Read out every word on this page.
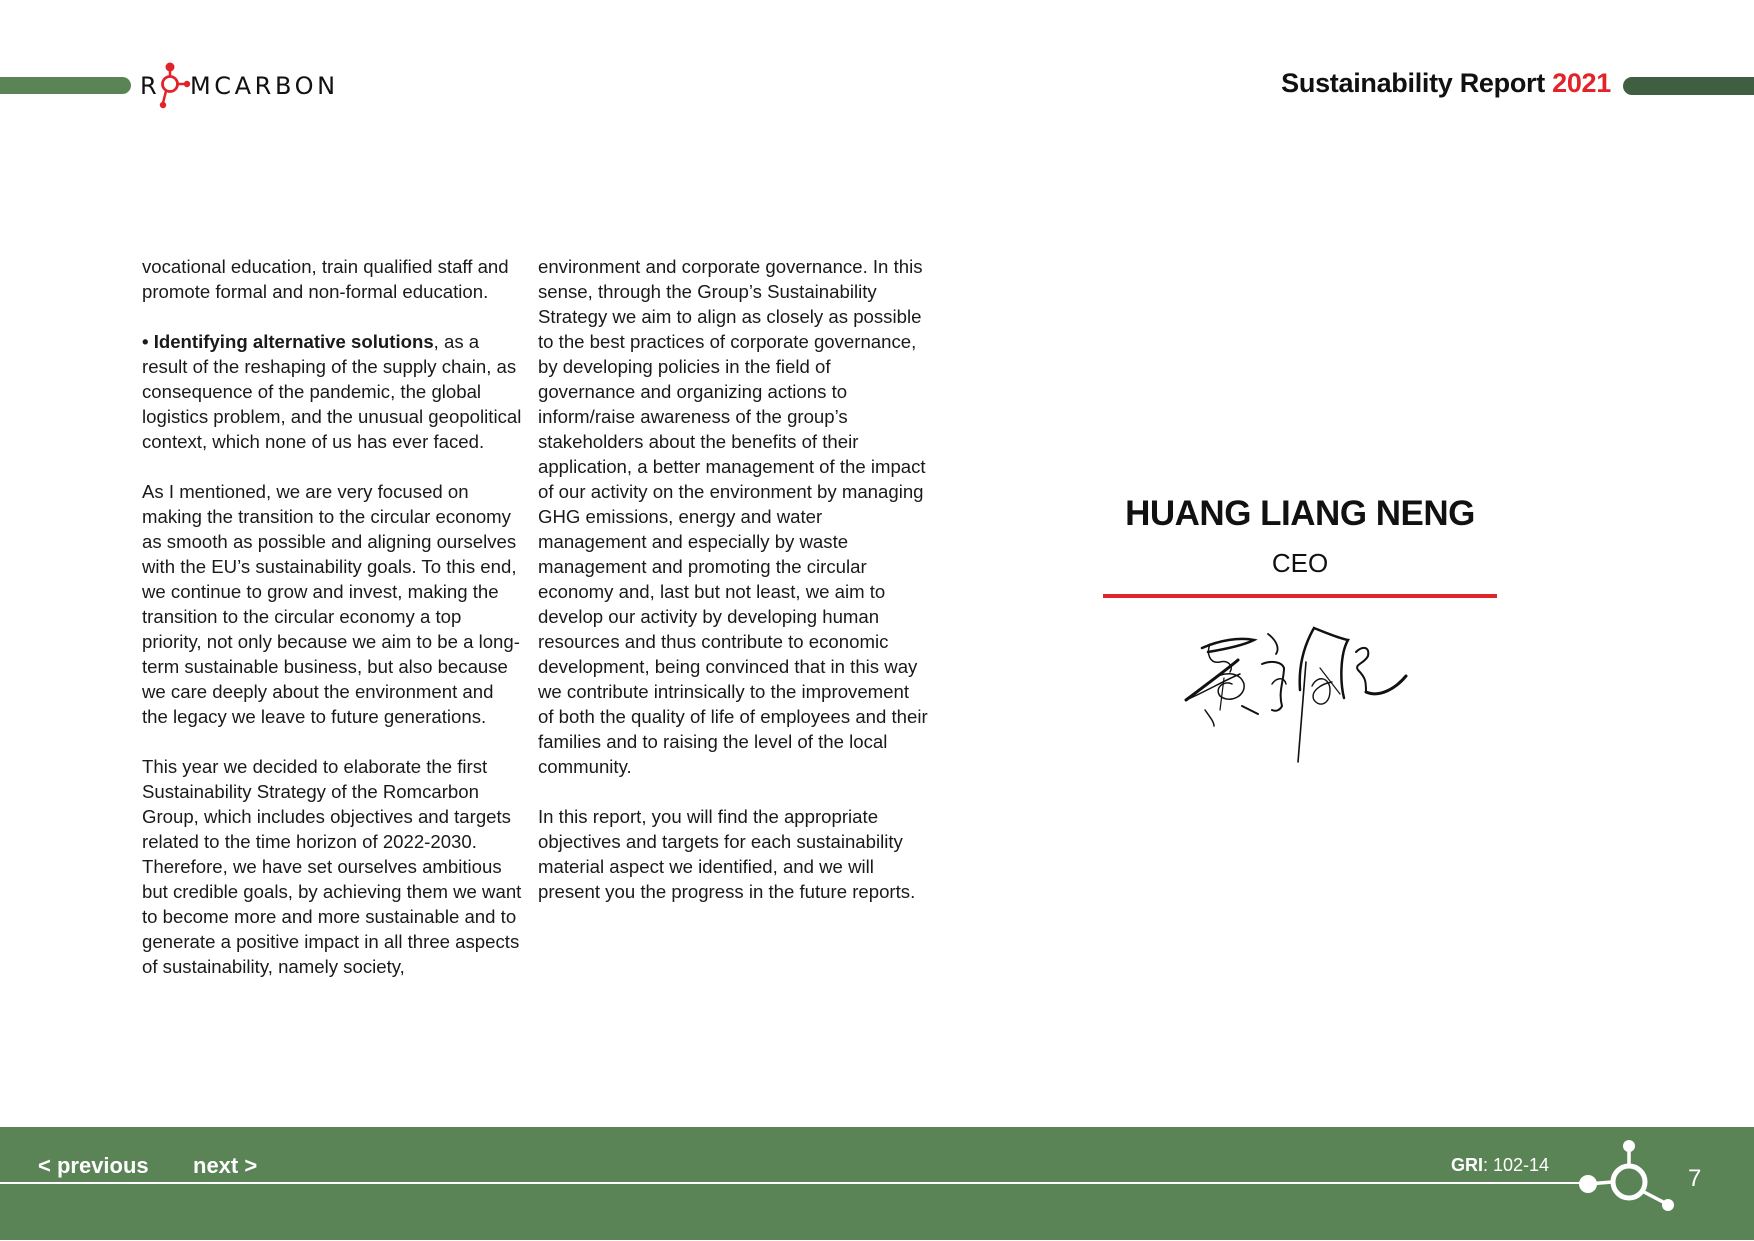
R MCARBON	Sustainability Report 2021

vocational education, train qualified staff and promote formal and non-formal education.

• Identifying alternative solutions, as a result of the reshaping of the supply chain, as consequence of the pandemic, the global logistics problem, and the unusual geopolitical context, which none of us has ever faced.

As I mentioned, we are very focused on making the transition to the circular economy as smooth as possible and aligning ourselves with the EU’s sustainability goals. To this end, we continue to grow and invest, making the transition to the circular economy a top priority, not only because we aim to be a long-term sustainable business, but also because we care deeply about the environment and the legacy we leave to future generations.

This year we decided to elaborate the first Sustainability Strategy of the Romcarbon Group, which includes objectives and targets related to the time horizon of 2022-2030. Therefore, we have set ourselves ambitious but credible goals, by achieving them we want to become more and more sustainable and to generate a positive impact in all three aspects of sustainability, namely society,

environment and corporate governance. In this sense, through the Group’s Sustainability Strategy we aim to align as closely as possible to the best practices of corporate governance, by developing policies in the field of governance and organizing actions to inform/raise awareness of the group’s stakeholders about the benefits of their application, a better management of the impact of our activity on the environment by managing GHG emissions, energy and water management and especially by waste management and promoting the circular economy and, last but not least, we aim to develop our activity by developing human resources and thus contribute to economic development, being convinced that in this way we contribute intrinsically to the improvement of both the quality of life of employees and their families and to raising the level of the local community.

In this report, you will find the appropriate objectives and targets for each sustainability material aspect we identified, and we will present you the progress in the future reports.

HUANG LIANG NENG
CEO
< previous next >	GRI: 102-14	7
